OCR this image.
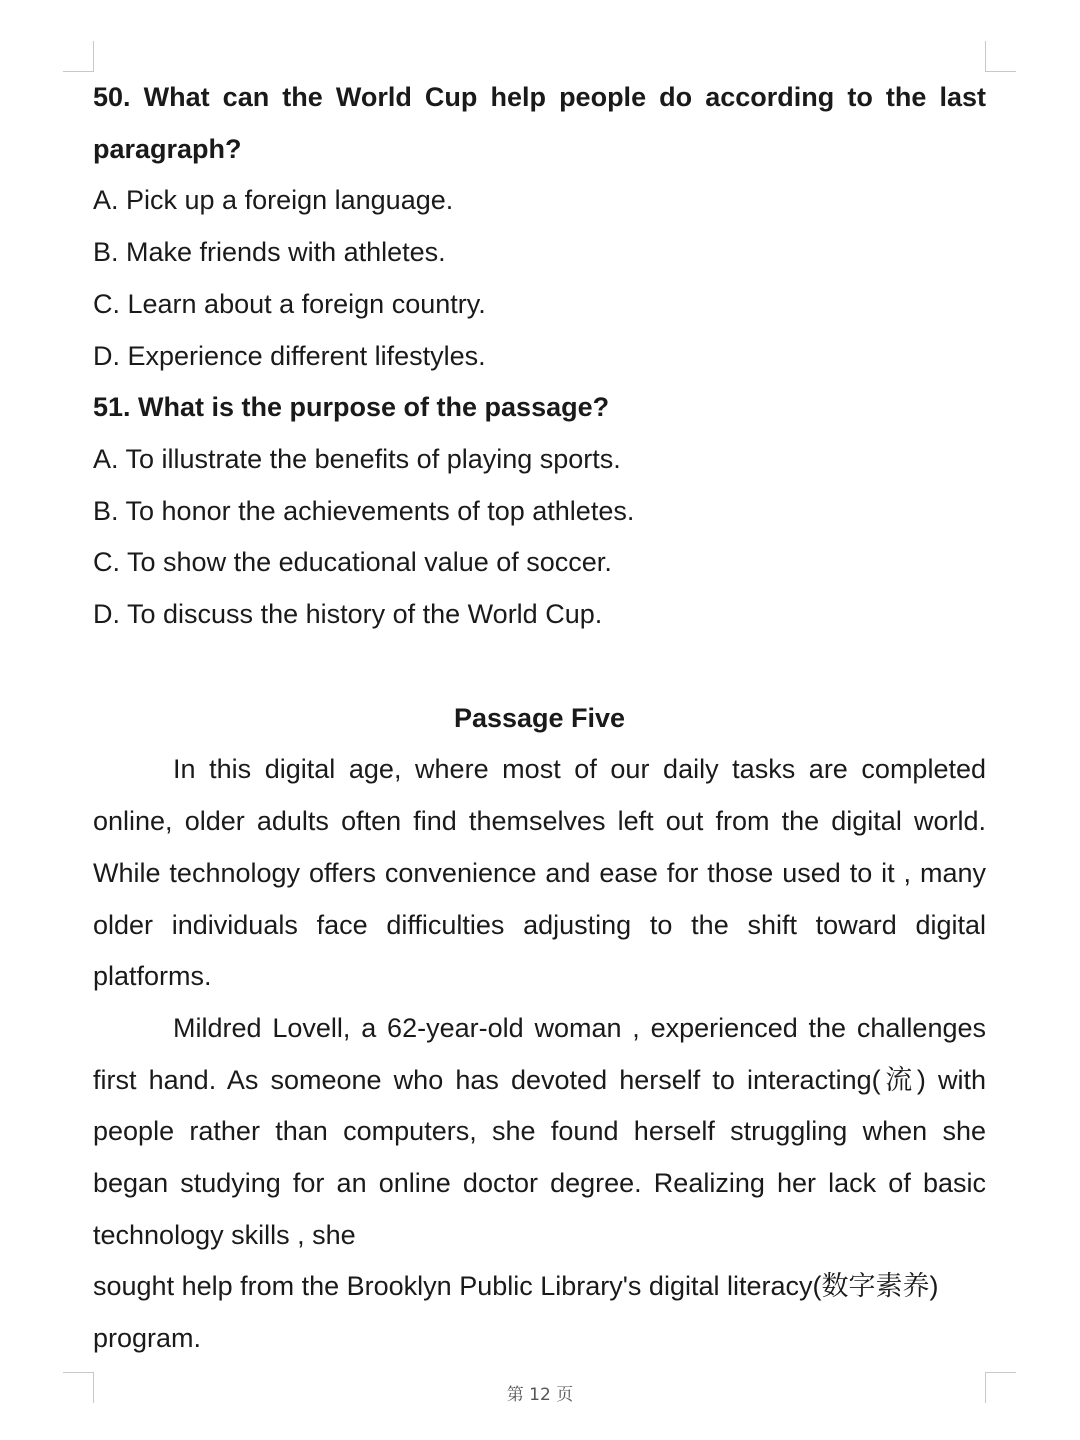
50. What can the World Cup help people do according to the last paragraph?
A. Pick up a foreign language.
B. Make friends with athletes.
C. Learn about a foreign country.
D. Experience different lifestyles.
51. What is the purpose of the passage?
A. To illustrate the benefits of playing sports.
B. To honor the achievements of top athletes.
C. To show the educational value of soccer.
D. To discuss the history of the World Cup.
Passage Five

In this digital age, where most of our daily tasks are completed online, older adults often find themselves left out from the digital world. While technology offers convenience and ease for those used to it , many older individuals face difficulties adjusting to the shift toward digital platforms.

Mildred Lovell, a 62-year-old woman , experienced the challenges first hand. As someone who has devoted herself to interacting(流) with people rather than computers, she found herself struggling when she began studying for an online doctor degree. Realizing her lack of basic technology skills , she

sought help from the Brooklyn Public Library's digital literacy(数字素养)
program.
第 12 页
